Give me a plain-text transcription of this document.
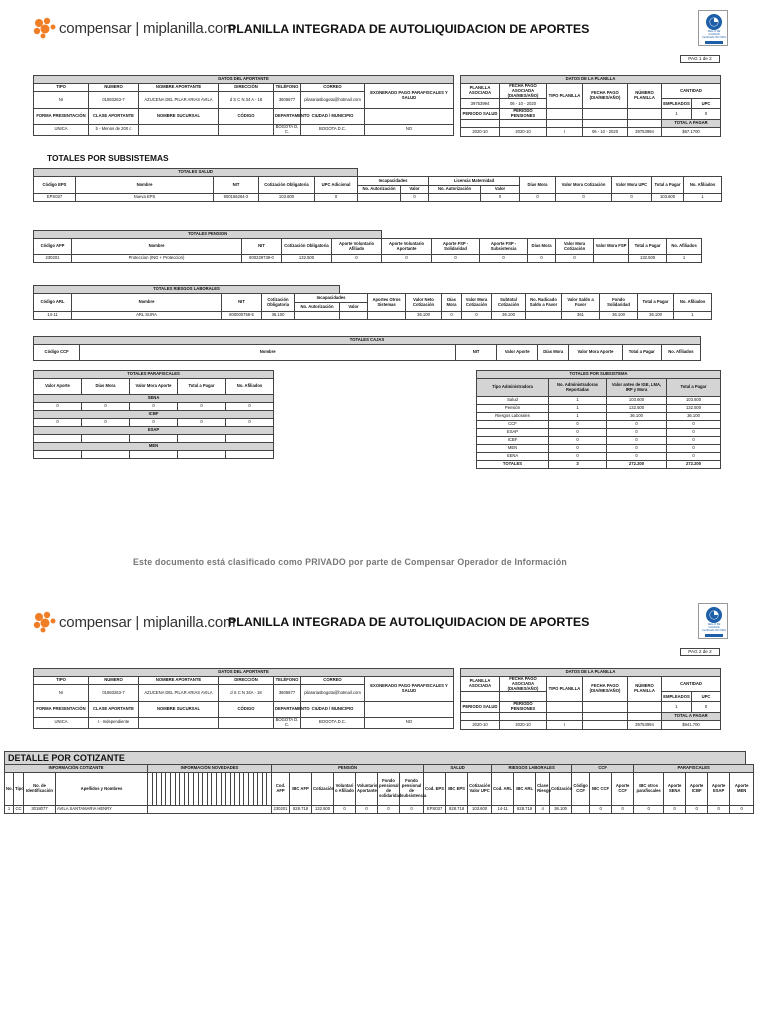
compensar | miplanilla.com
PLANILLA INTEGRADA DE AUTOLIQUIDACION DE APORTES	SELLO DE
CALIDAD
Certificado ISO 9001
PAG 1 de 2
DATOS DEL APORTANTE						
TIPO	NUMERO	NOMBRE APORTANTE	DIRECCIÓN	TELÉFONO	CORREO	EXONERADO PAGO PARAFISCALES Y SALUD
NI	01593263-7	AZUCENA DEL PILAR ARIAS AVILA	d S C N 34 A - 18	3606677	pilarariasbogota@hotmail.com	
FORMA PRESENTACIÓN	CLASE APORTANTE	NOMBRE SUCURSAL	CÓDIGO	DEPARTAMENTO	CIUDAD / MUNICIPIO	
UNICA	b - Menos de 200 c			BOGOTA D. C.	BOGOTA D.C.	NO
DATOS DE LA PLANILLA						
PLANILLA ASOCIADA	FECHA PAGO ASOCIADA (DIA/MES/AÑO)	TIPO PLANILLA	FECHA PAGO (DIA/MES/AÑO)	NÚMERO PLANILLA	CANTIDAD	
39753994	06 - 10 - 2020				EMPLEADOS	UPC
PERIODO SALUD	PERIODO PENSIONES				1	0
					TOTAL A PAGAR	
2020-10	2020-10	I	06 - 10 - 2020	39753994	$67.1700	
TOTALES POR SUBSISTEMAS
TOTALES SALUD													
Código EPS	Nombre	NIT	Cotización Obligatoria	UPC Adicional	Incapacidades		Licencia Maternidad		Días Mora	Valor Mora Cotización	Valor Mora UPC	Total a Pagar	No. Afiliados
					No. Autorización	Valor	No. Autorización	Valor					
EPS037	Nueva EPS	900156264-2	103.600	0		0		0	0	0	0	103.600	1
TOTALES PENSION												
Código AFP	Nombre	NIT	Cotización Obligatoria	Aporte Voluntario Afiliado	Aporte Voluntario Aportante	Aporte FSP - Solidaridad	Aporte FSP - Subsistencia	Días Mora	Valor Mora Cotización	Valor Mora FSP	Total a Pagar	No. Afiliados
230201	Proteccion (ING + Proteccion)	800229739-0	132.500	0	0	0	0	0	0		132.500	1
TOTALES RIESGOS LABORALES															
Código ARL	Nombre	NIT	Cotización Obligatoria	Incapacidades		Aportes Otros Sistemas	Valor Neto Cotización	Días Mora	Valor Mora Cotización	Subtotal Cotización	No. Radicado Saldo a Favor	Valor Saldo a Favor	Fondo Solidaridad	Total a Pagar	No. Afiliados
				No. Autorización	Valor										
14-11	ARL SURA	800000758-5	36.100				36.100	0	0	36.100		361	36.100	36.100	1
TOTALES CAJAS
Código CCF	Nombre	NIT	Valor Aporte	Días Mora	Valor Mora Aporte	Total a Pagar	No. Afiliados
TOTALES PARAFISCALES				
Valor Aporte	Días Mora	Valor Mora Aporte	Total a Pagar	No. Afiliados
SENA				
0	0	0	0	0
ICBF				
0	0	0	0	0
ESAP				

MEN				

TOTALES POR SUBSISTEMA			
Tipo Administradora	No. Administradoras Reportadas	Valor antes de IGE, LMA, IRP y Mora	Total a Pagar
Salud	1	103.600	103.600
Pensión	1	132.500	132.500
Riesgos Laborales	1	36.100	36.100
CCF	0	0	0
ESAP	0	0	0
ICBF	0	0	0
MEN	0	0	0
SENA	0	0	0
TOTALES	3	272.200	272.200
Este documento está clasificado como PRIVADO por parte de Compensar Operador de Información
compensar | miplanilla.com
PLANILLA INTEGRADA DE AUTOLIQUIDACION DE APORTES	SELLO DE
CALIDAD
Certificado ISO 9001
PAG 2 de 2
DATOS DEL APORTANTE						
TIPO	NUMERO	NOMBRE APORTANTE	DIRECCIÓN	TELÉFONO	CORREO	EXONERADO PAGO PARAFISCALES Y SALUD
NI	01593263-7	AZUCENA DEL PILAR ARIAS AVILA	d S C N 34A - 18	3606677	pilarariasbogota@hotmail.com	
FORMA PRESENTACIÓN	CLASE APORTANTE	NOMBRE SUCURSAL	CÓDIGO	DEPARTAMENTO	CIUDAD / MUNICIPIO	
UNICA	I - Independiente			BOGOTA D. C.	BOGOTA D.C.	NO
DATOS DE LA PLANILLA						
PLANILLA ASOCIADA	FECHA PAGO ASOCIADA (DIA/MES/AÑO)	TIPO PLANILLA	FECHA PAGO (DIA/MES/AÑO)	NÚMERO PLANILLA	CANTIDAD	
					EMPLEADOS	UPC
PERIODO SALUD	PERIODO PENSIONES				1	0
					TOTAL A PAGAR	
2020-10	2020-10	I		39753994	$641.700	
DETALLE POR COTIZANTE
INFORMACIÓN COTIZANTE				INFORMACIÓN NOVEDADES	PENSIÓN							SALUD			RIESGOS LABORALES				CCF			PARAFISCALES				
No.	Tipo	No. de Identificación	Apellidos y Nombres		Cod. AFP	IBC AFP	Cotización	Voluntari o Afiliado	Voluntario Aportante	Fondo pensional de solidaridad	Fondo pensional de subsistencia	Cod. EPS	IBC EPS	Cotización Valor UPC	Cod. ARL	IBC ARL	Clase Riesgo	Cotización	Código CCF	IBC CCF	Aporte CCF	IBC otros parafiscales	Aporte SENA	Aporte ICBF	Aporte ESAP	Aporte MEN
1	CC	3018077	AVILA SANTAMARIA HENRY		230201	828.718	132.500	0	0	0	0	EPS037	828.718	103.600	14-11	828.718	4	36.100		0	0	0	0	0	0	0
